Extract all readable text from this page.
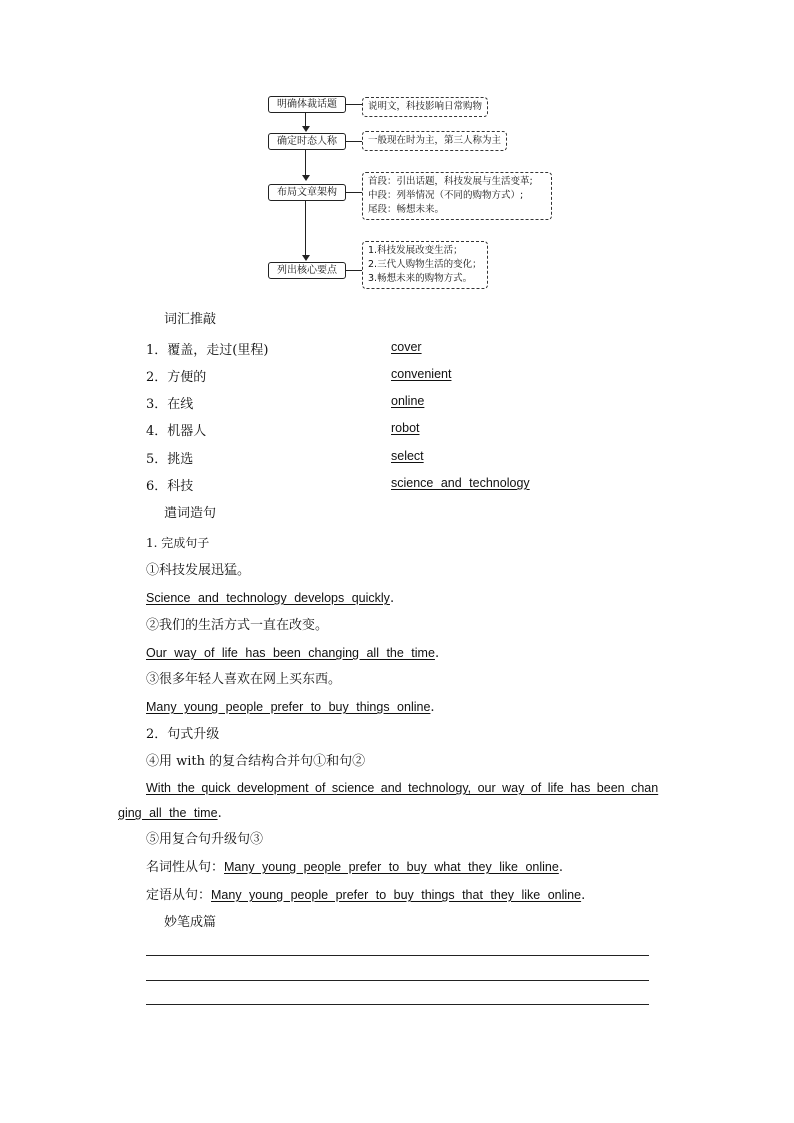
明确体裁话题	说明文，科技影响日常购物
确定时态人称	一般现在时为主，第三人称为主
布局文章架构
首段：引出话题，科技发展与生活变革;
中段：列举情况（不同的购物方式）;
尾段：畅想未来。
列出核心要点
1.科技发展改变生活；
2.三代人购物生活的变化；
3.畅想未来的购物方式。
词汇推敲
1．覆盖，走过(里程)	cover
2．方便的	convenient
3．在线	online
4．机器人	robot
5．挑选	select
6．科技	science and technology
遣词造句
1. 完成句子
①科技发展迅猛。
Science and technology develops quickly.
②我们的生活方式一直在改变。
Our way of life has been changing all the time.
③很多年轻人喜欢在网上买东西。
Many young people prefer to buy things online.
2．句式升级
④用 with 的复合结构合并句①和句②
With the quick development of science and technology, our way of life has been chan
ging all the time.
⑤用复合句升级句③
名词性从句：Many young people prefer to buy what they like online.
定语从句：Many young people prefer to buy things that they like online.
妙笔成篇
